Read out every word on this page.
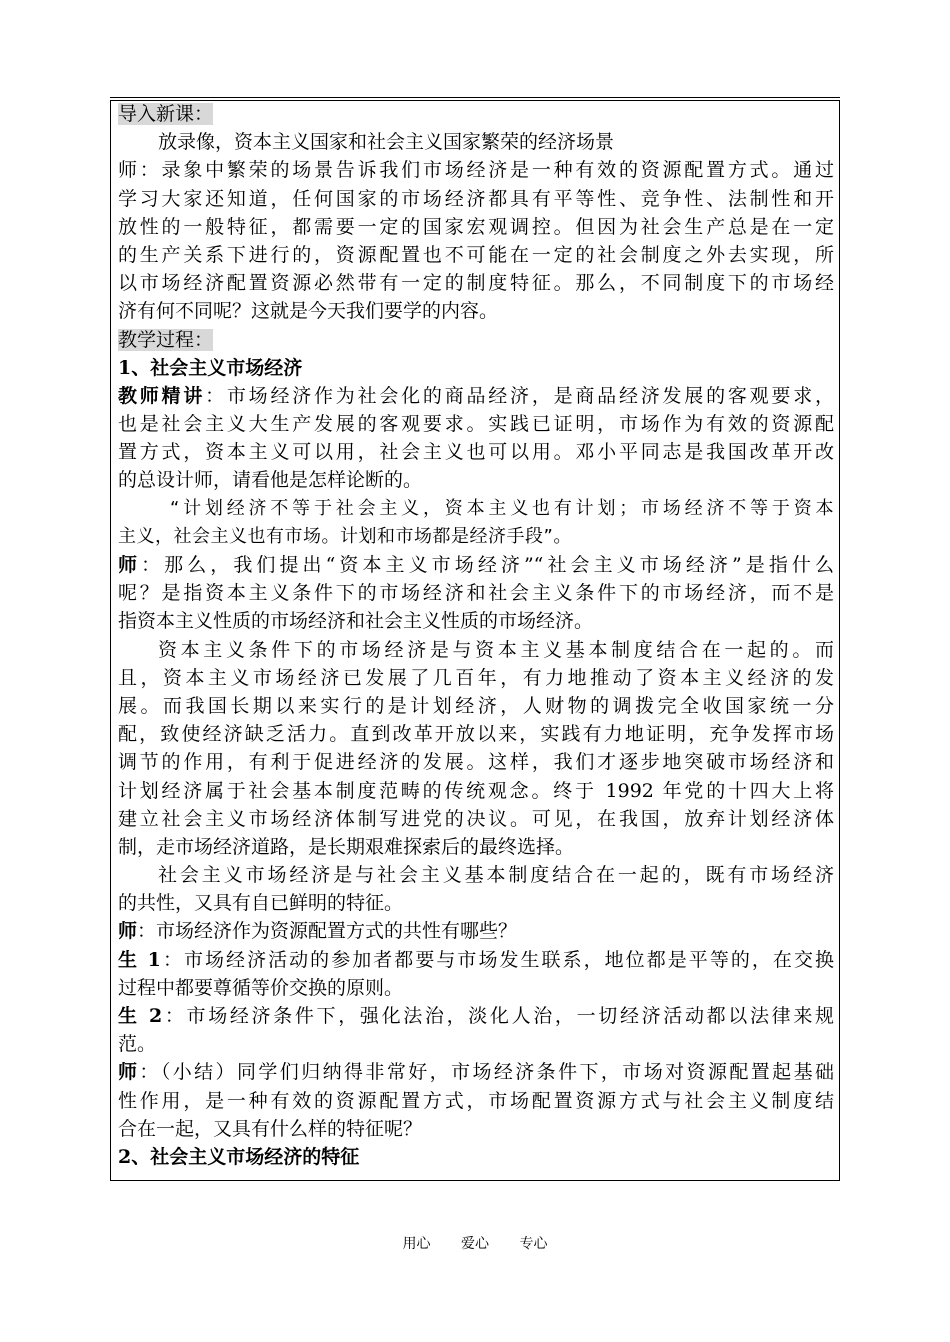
导入新课：
放录像，资本主义国家和社会主义国家繁荣的经济场景
师：录象中繁荣的场景告诉我们市场经济是一种有效的资源配置方式。通过
学习大家还知道，任何国家的市场经济都具有平等性、竞争性、法制性和开
放性的一般特征，都需要一定的国家宏观调控。但因为社会生产总是在一定
的生产关系下进行的，资源配置也不可能在一定的社会制度之外去实现，所
以市场经济配置资源必然带有一定的制度特征。那么，不同制度下的市场经
济有何不同呢？这就是今天我们要学的内容。
教学过程：
1、社会主义市场经济
教师精讲：市场经济作为社会化的商品经济，是商品经济发展的客观要求，
也是社会主义大生产发展的客观要求。实践已证明，市场作为有效的资源配
置方式，资本主义可以用，社会主义也可以用。邓小平同志是我国改革开改
的总设计师，请看他是怎样论断的。
“计划经济不等于社会主义，资本主义也有计划；市场经济不等于资本
主义，社会主义也有市场。计划和市场都是经济手段”。
师：那么，我们提出“资本主义市场经济”“社会主义市场经济”是指什么
呢？是指资本主义条件下的市场经济和社会主义条件下的市场经济，而不是
指资本主义性质的市场经济和社会主义性质的市场经济。
资本主义条件下的市场经济是与资本主义基本制度结合在一起的。而
且，资本主义市场经济已发展了几百年，有力地推动了资本主义经济的发
展。而我国长期以来实行的是计划经济，人财物的调拨完全收国家统一分
配，致使经济缺乏活力。直到改革开放以来，实践有力地证明，充争发挥市场
调节的作用，有利于促进经济的发展。这样，我们才逐步地突破市场经济和
计划经济属于社会基本制度范畴的传统观念。终于 1992 年党的十四大上将
建立社会主义市场经济体制写进党的决议。可见，在我国，放弃计划经济体
制，走市场经济道路，是长期艰难探索后的最终选择。
社会主义市场经济是与社会主义基本制度结合在一起的，既有市场经济
的共性，又具有自已鲜明的特征。
师：市场经济作为资源配置方式的共性有哪些？
生 1：市场经济活动的参加者都要与市场发生联系，地位都是平等的，在交换
过程中都要尊循等价交换的原则。
生 2：市场经济条件下，强化法治，淡化人治，一切经济活动都以法律来规
范。
师：（小结）同学们归纳得非常好，市场经济条件下，市场对资源配置起基础
性作用，是一种有效的资源配置方式，市场配置资源方式与社会主义制度结
合在一起，又具有什么样的特征呢？
2、社会主义市场经济的特征
用心 爱心 专心
